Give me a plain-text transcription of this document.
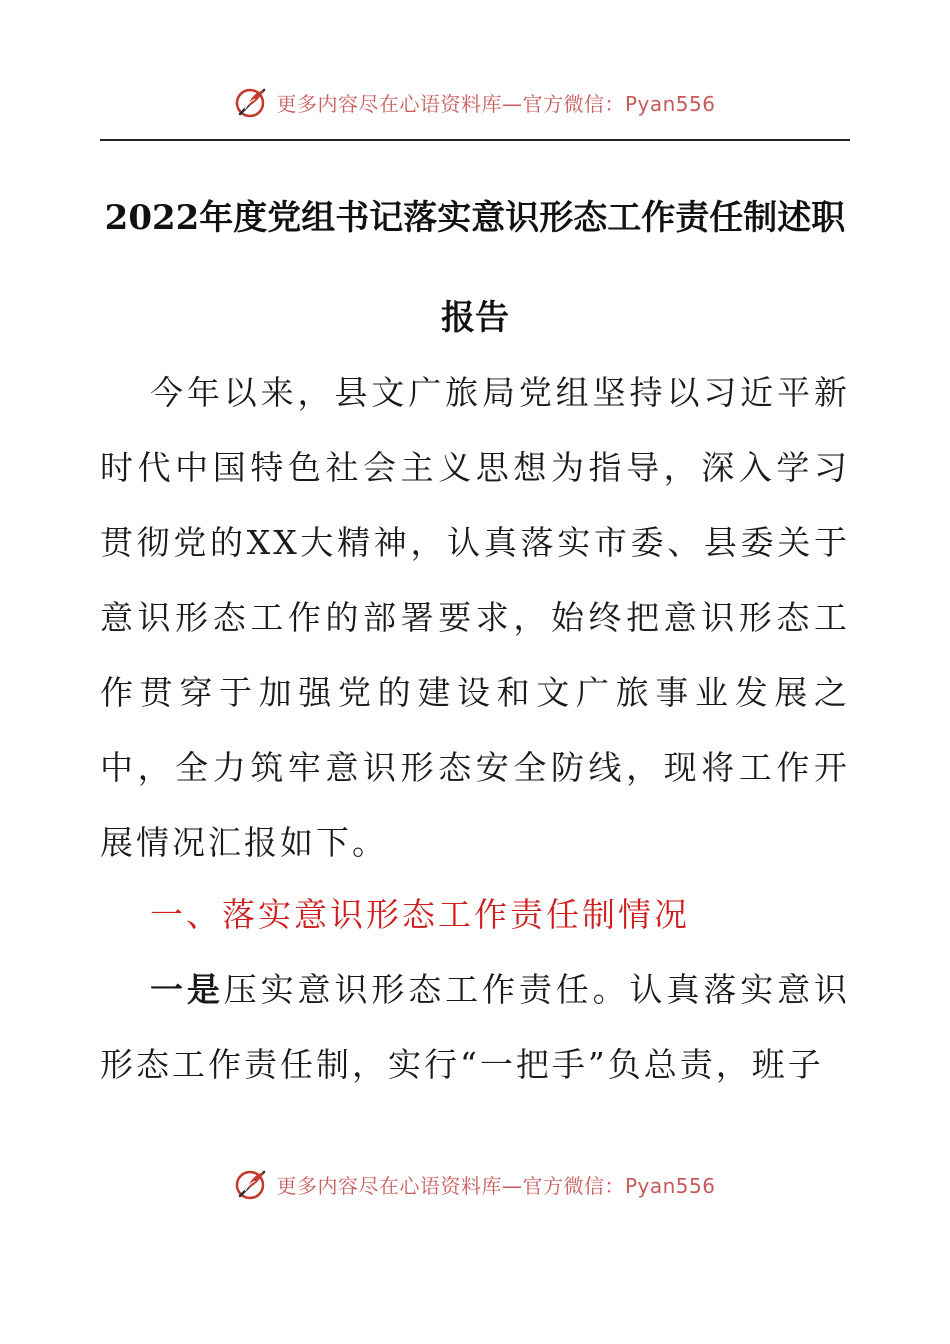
更多内容尽在心语资料库—官方微信：Pyan556
2022年度党组书记落实意识形态工作责任制述职报告

今年以来，县文广旅局党组坚持以习近平新时代中国特色社会主义思想为指导，深入学习贯彻党的XX大精神，认真落实市委、县委关于意识形态工作的部署要求，始终把意识形态工作贯穿于加强党的建设和文广旅事业发展之中，全力筑牢意识形态安全防线，现将工作开展情况汇报如下。

一、落实意识形态工作责任制情况

一是压实意识形态工作责任。认真落实意识形态工作责任制，实行“一把手”负总责，班子

更多内容尽在心语资料库—官方微信：Pyan556
